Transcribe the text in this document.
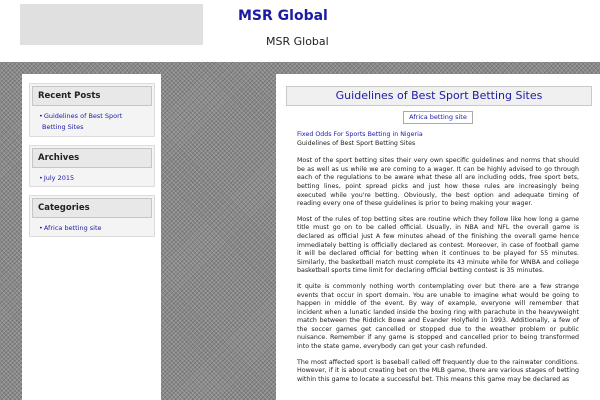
MSR Global
MSR Global
Recent Posts
• Guidelines of Best Sport Betting Sites
Archives
• July 2015
Categories
• Africa betting site
Guidelines of Best Sport Betting Sites
Africa betting site
Fixed Odds For Sports Betting in Nigeria
Guidelines of Best Sport Betting Sites

Most of the sport betting sites their very own specific guidelines and norms that should be as well as us while we are coming to a wager. It can be highly advised to go through each of the regulations to be aware what these all are including odds, free sport bets, betting lines, point spread picks and just how these rules are increasingly being executed while you're betting. Obviously, the best option and adequate timing of reading every one of these guidelines is prior to being making your wager.

Most of the rules of top betting sites are routine which they follow like how long a game title must go on to be called official. Usually, in NBA and NFL the overall game is declared as official just A few minutes ahead of the finishing the overall game hence immediately betting is officially declared as contest. Moreover, in case of football game it will be declared official for betting when it continues to be played for 55 minutes. Similarly, the basketball match must complete its 43 minute while for WNBA and college basketball sports time limit for declaring official betting contest is 35 minutes.

It quite is commonly nothing worth contemplating over but there are a few strange events that occur in sport domain. You are unable to imagine what would be going to happen in middle of the event. By way of example, everyone will remember that incident when a lunatic landed inside the boxing ring with parachute in the heavyweight match between the Riddick Bowe and Evander Holyfield in 1993. Additionally, a few of the soccer games get cancelled or stopped due to the weather problem or public nuisance. Remember if any game is stopped and cancelled prior to being transformed into the state game, everybody can get your cash refunded.

The most affected sport is baseball called off frequently due to the rainwater conditions. However, if it is about creating bet on the MLB game, there are various stages of betting within this game to locate a successful bet. This means this game may be declared as
